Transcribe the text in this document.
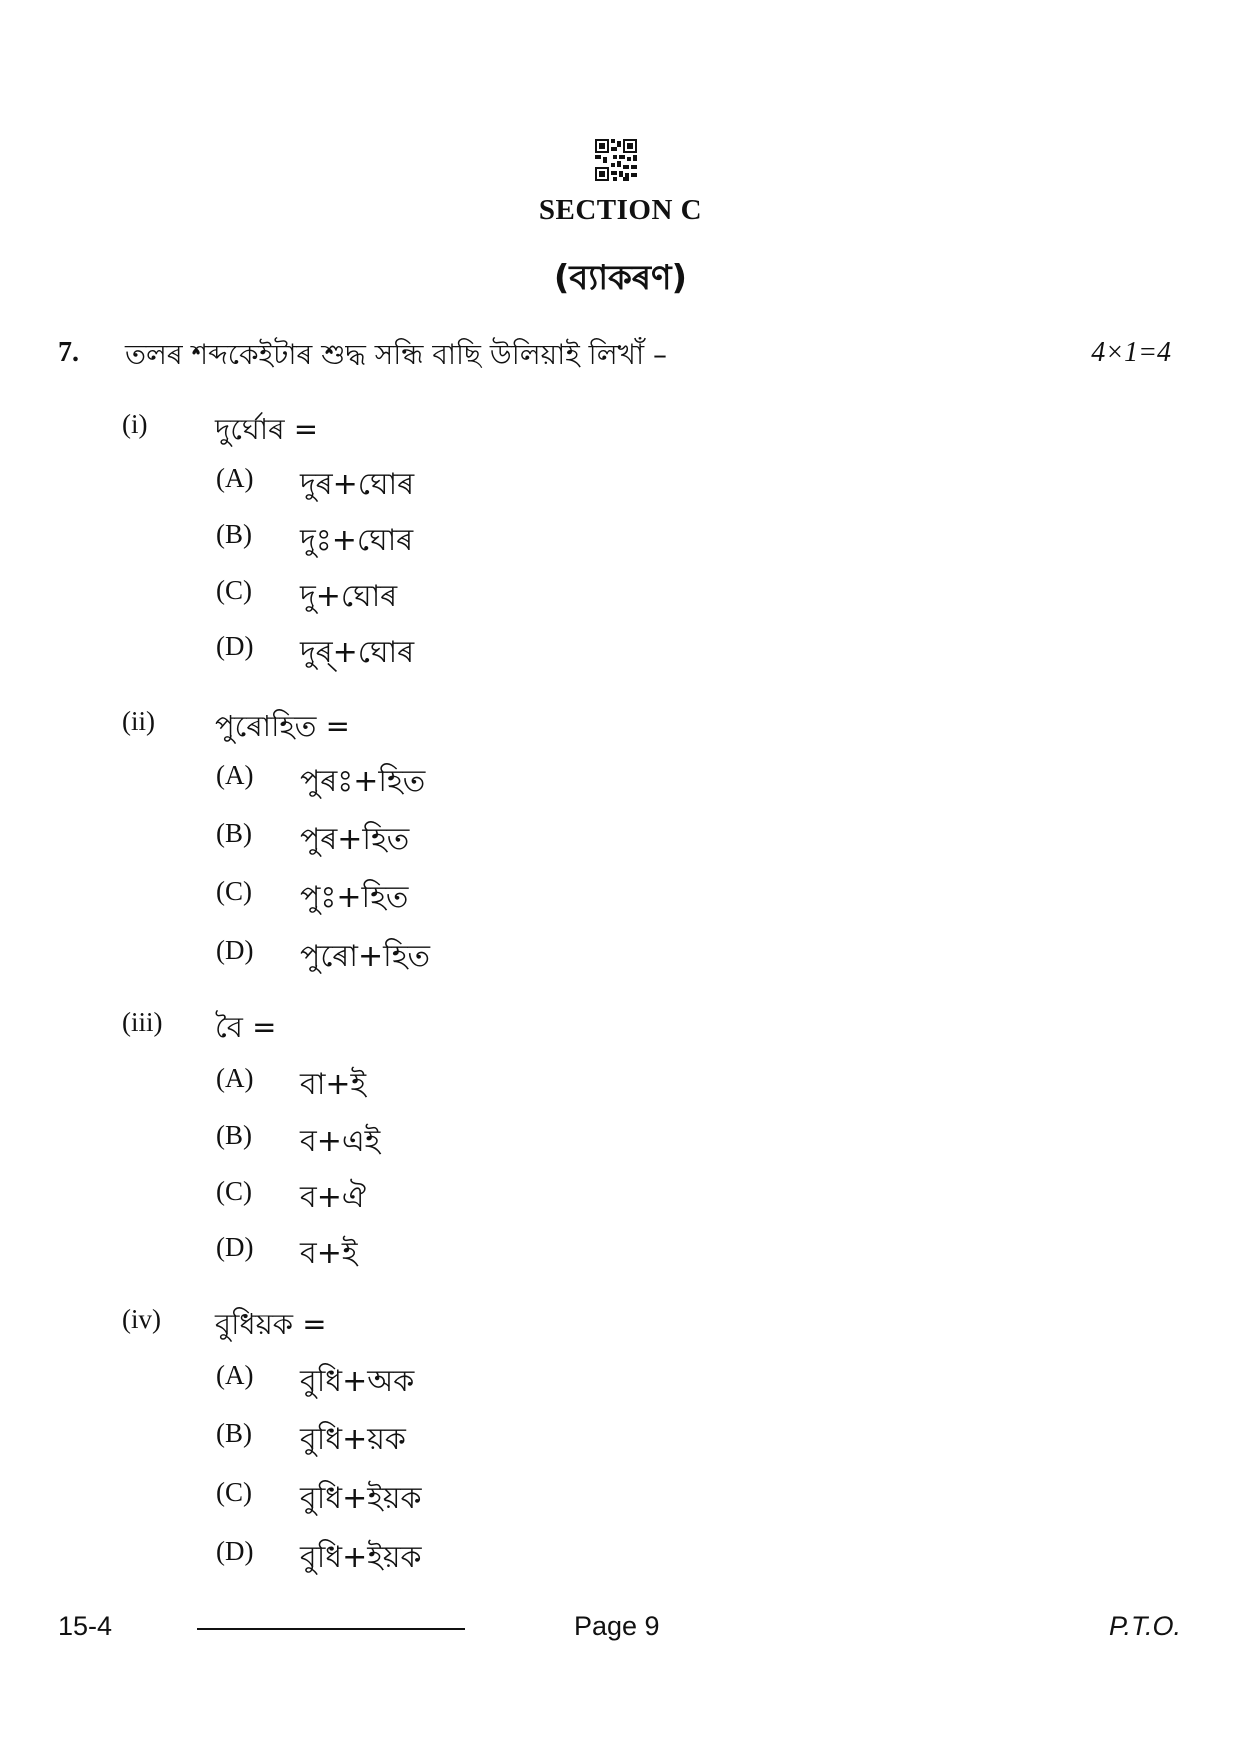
SECTION C
(ব্যাকৰণ)
7. তলৰ শব্দকেইটাৰ শুদ্ধ সন্ধি বাছি উলিয়াই লিখাঁ –	4×1=4
(i) দুৰ্ঘোৰ =
(A) দুৰ+ঘোৰ
(B) দুঃ+ঘোৰ
(C) দু+ঘোৰ
(D) দুৰ্+ঘোৰ
(ii) পুৰোহিত =
(A) পুৰঃ+হিত
(B) পুৰ+হিত
(C) পুঃ+হিত
(D) পুৰো+হিত
(iii) বৈ =
(A) বা+ই
(B) ব+এই
(C) ব+ঐ
(D) ব+ই
(iv) বুধিয়ক =
(A) বুধি+অক
(B) বুধি+য়ক
(C) বুধি+ইয়ক
(D) বুধি+ইয়ক
15-4	Page 9	P.T.O.
